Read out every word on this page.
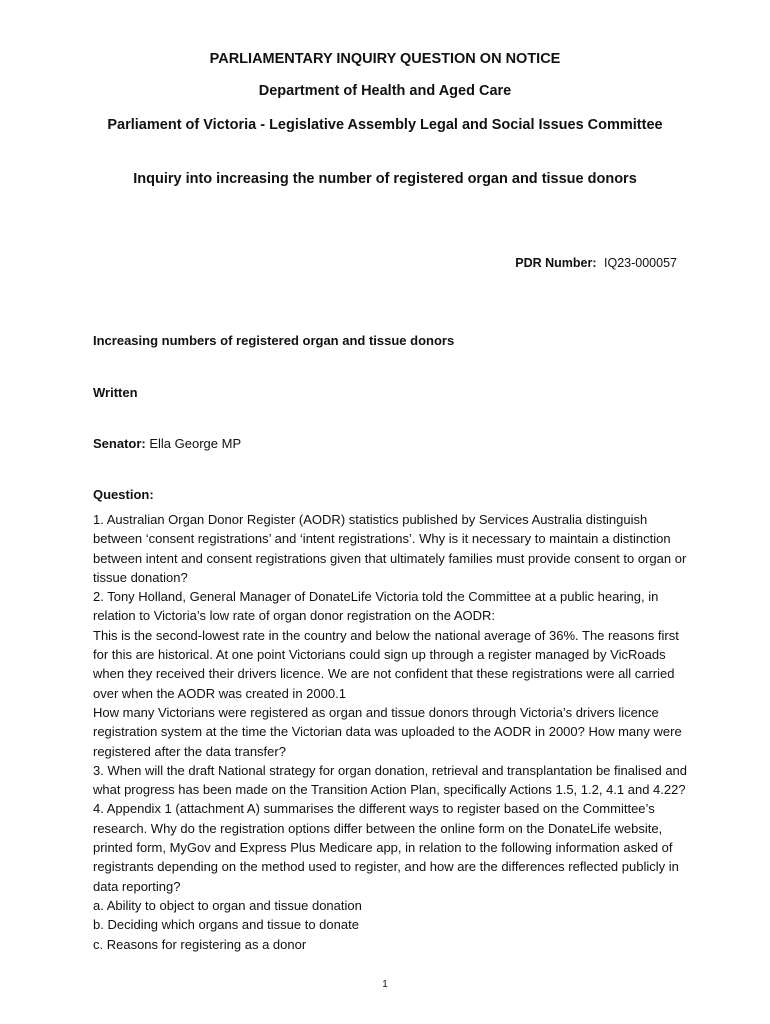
PARLIAMENTARY INQUIRY QUESTION ON NOTICE
Department of Health and Aged Care
Parliament of Victoria - Legislative Assembly Legal and Social Issues Committee
Inquiry into increasing the number of registered organ and tissue donors
PDR Number: IQ23-000057
Increasing numbers of registered organ and tissue donors
Written
Senator: Ella George MP
Question:

1. Australian Organ Donor Register (AODR) statistics published by Services Australia distinguish between ‘consent registrations’ and ‘intent registrations’. Why is it necessary to maintain a distinction between intent and consent registrations given that ultimately families must provide consent to organ or tissue donation?

2. Tony Holland, General Manager of DonateLife Victoria told the Committee at a public hearing, in relation to Victoria’s low rate of organ donor registration on the AODR:

This is the second-lowest rate in the country and below the national average of 36%. The reasons first for this are historical. At one point Victorians could sign up through a register managed by VicRoads when they received their drivers licence. We are not confident that these registrations were all carried over when the AODR was created in 2000.1

How many Victorians were registered as organ and tissue donors through Victoria’s drivers licence registration system at the time the Victorian data was uploaded to the AODR in 2000? How many were registered after the data transfer?

3. When will the draft National strategy for organ donation, retrieval and transplantation be finalised and what progress has been made on the Transition Action Plan, specifically Actions 1.5, 1.2, 4.1 and 4.22?

4. Appendix 1 (attachment A) summarises the different ways to register based on the Committee’s research. Why do the registration options differ between the online form on the DonateLife website, printed form, MyGov and Express Plus Medicare app, in relation to the following information asked of registrants depending on the method used to register, and how are the differences reflected publicly in data reporting?

a. Ability to object to organ and tissue donation

b. Deciding which organs and tissue to donate

c. Reasons for registering as a donor

1
